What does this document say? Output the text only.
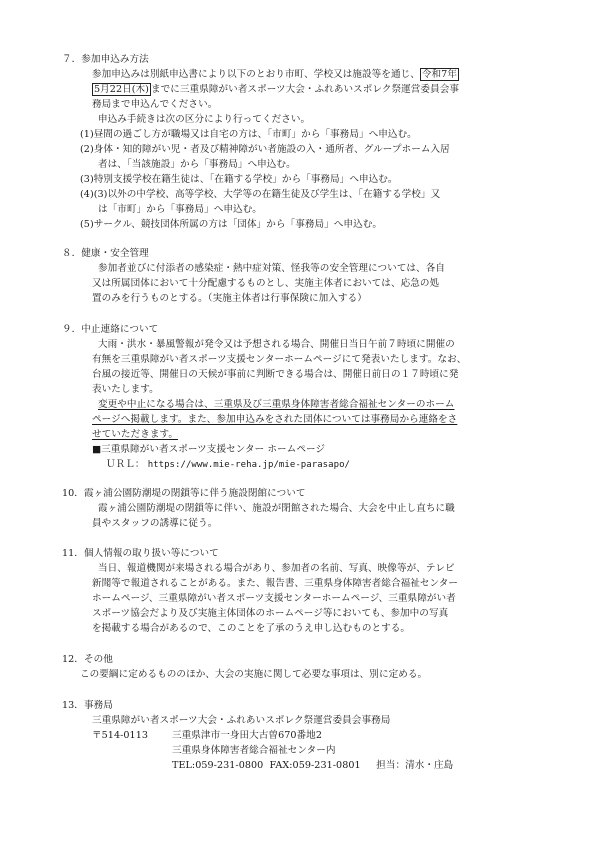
７．参加申込み方法
参加申込みは別紙申込書により以下のとおり市町、学校又は施設等を通じ、 令和7年
5月22日(木) までに三重県障がい者スポーツ大会・ふれあいスポレク祭運営委員会事
務局まで申込んでください。
申込み手続きは次の区分により行ってください。
(1)昼間の過ごし方が職場又は自宅の方は、「市町」から「事務局」へ申込む。
(2)身体・知的障がい児・者及び精神障がい者施設の入・通所者、グループホーム入居
者は、「当該施設」から「事務局」へ申込む。
(3)特別支援学校在籍生徒は、「在籍する学校」から「事務局」へ申込む。
(4)(3)以外の中学校、高等学校、大学等の在籍生徒及び学生は、「在籍する学校」又
は「市町」から「事務局」へ申込む。
(5)サークル、競技団体所属の方は「団体」から「事務局」へ申込む。
８．健康・安全管理
参加者並びに付添者の感染症・熱中症対策、怪我等の安全管理については、各自
又は所属団体において十分配慮するものとし、実施主体者においては、応急の処
置のみを行うものとする。（実施主体者は行事保険に加入する）
９．中止連絡について
大雨・洪水・暴風警報が発令又は予想される場合、開催日当日午前７時頃に開催の
有無を三重県障がい者スポーツ支援センターホームページにて発表いたします。なお、
台風の接近等、開催日の天候が事前に判断できる場合は、開催日前日の１７時頃に発
表いたします。
変更や中止になる場合は、三重県及び三重県身体障害者総合福祉センターのホーム
ページへ掲載します。また、参加申込みをされた団体については事務局から連絡をさ
せていただきます。
■三重県障がい者スポーツ支援センター ホームページ
ＵＲＬ： https://www.mie-reha.jp/mie-parasapo/
10．霞ヶ浦公園防潮堤の閉鎖等に伴う施設閉館について
霞ヶ浦公園防潮堤の閉鎖等に伴い、施設が閉館された場合、大会を中止し直ちに職
員やスタッフの誘導に従う。
11．個人情報の取り扱い等について
当日、報道機関が来場される場合があり、参加者の名前、写真、映像等が、テレビ
新聞等で報道されることがある。また、報告書、三重県身体障害者総合福祉センター
ホームページ、三重県障がい者スポーツ支援センターホームページ、三重県障がい者
スポーツ協会だより及び実施主体団体のホームページ等においても、参加中の写真
を掲載する場合があるので、このことを了承のうえ申し込むものとする。
12．その他
この要綱に定めるもののほか、大会の実施に関して必要な事項は、別に定める。
13．事務局
三重県障がい者スポーツ大会・ふれあいスポレク祭運営委員会事務局
〒514-0113 三重県津市一身田大古曽670番地2
三重県身体障害者総合福祉センター内
TEL:059-231-0800 FAX:059-231-0801 担当：清水・庄島
